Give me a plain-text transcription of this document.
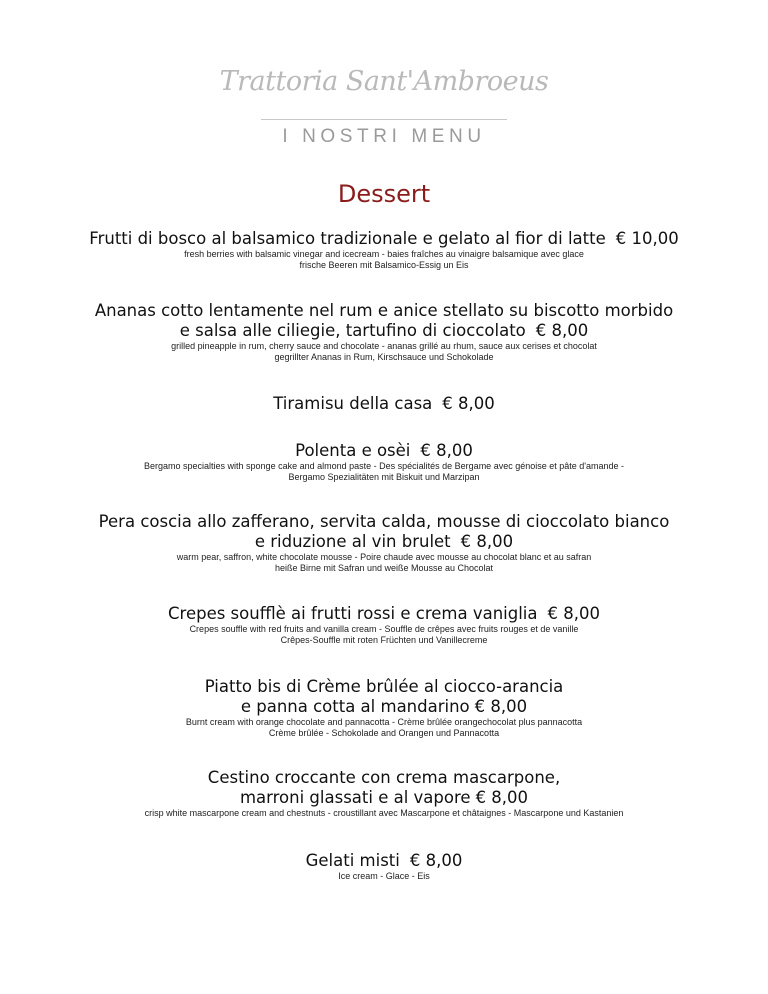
Trattoria Sant'Ambroeus
I NOSTRI MENU
Dessert
Frutti di bosco al balsamico tradizionale e gelato al fior di latte € 10,00
fresh berries with balsamic vinegar and icecream - baies fraîches au vinaigre balsamique avec glace
frische Beeren mit Balsamico-Essig un Eis
Ananas cotto lentamente nel rum e anice stellato su biscotto morbido
e salsa alle ciliegie, tartufino di cioccolato € 8,00
grilled pineapple in rum, cherry sauce and chocolate - ananas grillé au rhum, sauce aux cerises et chocolat
gegrillter Ananas in Rum, Kirschsauce und Schokolade
Tiramisu della casa € 8,00
Polenta e osèi € 8,00
Bergamo specialties with sponge cake and almond paste - Des spécialités de Bergame avec génoise et pâte d'amande -
Bergamo Spezialitäten mit Biskuit und Marzipan
Pera coscia allo zafferano, servita calda, mousse di cioccolato bianco
e riduzione al vin brulet € 8,00
warm pear, saffron, white chocolate mousse - Poire chaude avec mousse au chocolat blanc et au safran
heiße Birne mit Safran und weiße Mousse au Chocolat
Crepes soufflè ai frutti rossi e crema vaniglia € 8,00
Crepes souffle with red fruits and vanilla cream - Souffle de crêpes avec fruits rouges et de vanille
Crêpes-Souffle mit roten Früchten und Vanillecreme
Piatto bis di Crème brûlée al ciocco-arancia
e panna cotta al mandarino € 8,00
Burnt cream with orange chocolate and pannacotta - Crème brûlée orangechocolat plus pannacotta
Crème brûlée - Schokolade and Orangen und Pannacotta
Cestino croccante con crema mascarpone,
marroni glassati e al vapore € 8,00
crisp white mascarpone cream and chestnuts - croustillant avec Mascarpone et châtaignes - Mascarpone und Kastanien
Gelati misti € 8,00
Ice cream - Glace - Eis
